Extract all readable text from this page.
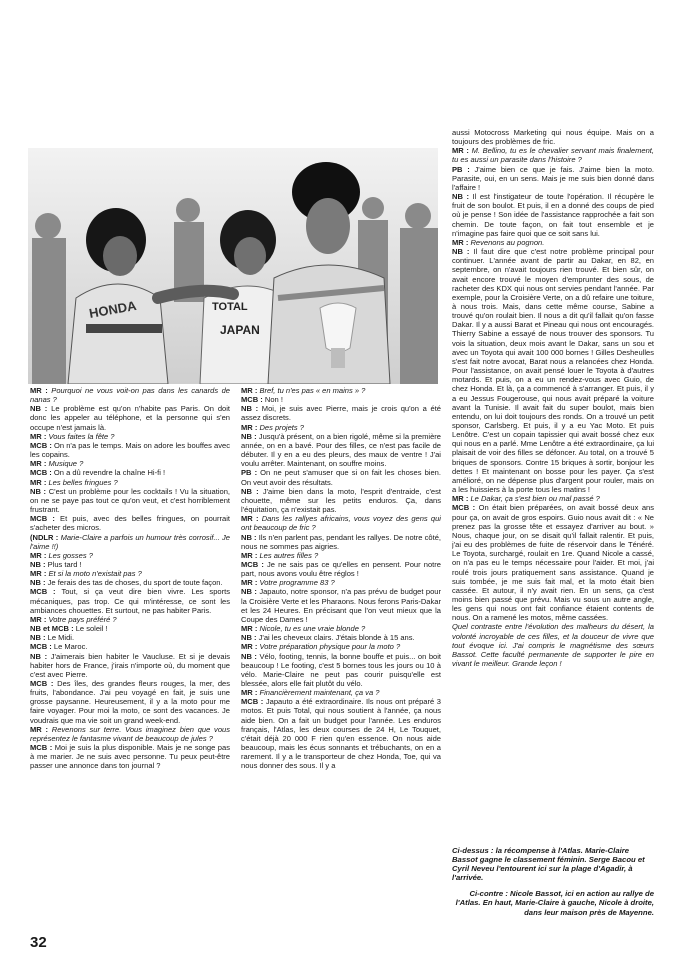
HONDA	TOTAL
JAPAN

MR : Pourquoi ne vous voit-on pas dans les canards de nanas ?

NB : Le problème est qu'on n'habite pas Paris. On doit donc les appeler au téléphone, et la personne qui s'en occupe n'est jamais là.

MR : Vous faites la fête ?

MCB : On n'a pas le temps. Mais on adore les bouffes avec les copains.

MR : Musique ?

MCB : On a dû revendre la chaîne Hi-fi !

MR : Les belles fringues ?

NB : C'est un problème pour les cocktails ! Vu la situation, on ne se paye pas tout ce qu'on veut, et c'est horriblement frustrant.

MCB : Et puis, avec des belles fringues, on pourrait s'acheter des micros.

(NDLR : Marie-Claire a parfois un humour très corrosif... Je l'aime !!)

MR : Les gosses ?

NB : Plus tard !

MR : Et si la moto n'existait pas ?

NB : Je ferais des tas de choses, du sport de toute façon.

MCB : Tout, si ça veut dire bien vivre. Les sports mécaniques, pas trop. Ce qui m'intéresse, ce sont les ambiances chouettes. Et surtout, ne pas habiter Paris.

MR : Votre pays préféré ?

NB et MCB : Le soleil !

NB : Le Midi.

MCB : Le Maroc.

NB : J'aimerais bien habiter le Vaucluse. Et si je devais habiter hors de France, j'irais n'importe où, du moment que c'est avec Pierre.

MCB : Des îles, des grandes fleurs rouges, la mer, des fruits, l'abondance. J'ai peu voyagé en fait, je suis une grosse paysanne. Heureusement, il y a la moto pour me faire voyager. Pour moi la moto, ce sont des vacances. Je voudrais que ma vie soit un grand week-end.

MR : Revenons sur terre. Vous imaginez bien que vous représentez le fantasme vivant de beaucoup de jules ?

MCB : Moi je suis la plus disponible. Mais je ne songe pas à me marier. Je ne suis avec personne. Tu peux peut-être passer une annonce dans ton journal ?

MR : Bref, tu n'es pas « en mains » ?

MCB : Non !

NB : Moi, je suis avec Pierre, mais je crois qu'on a été assez discrets.

MR : Des projets ?

NB : Jusqu'à présent, on a bien rigolé, même si la première année, on en a bavé. Pour des filles, ce n'est pas facile de débuter. Il y en a eu des pleurs, des maux de ventre ! J'ai voulu arrêter. Maintenant, on souffre moins.

PB : On ne peut s'amuser que si on fait les choses bien. On veut avoir des résultats.

NB : J'aime bien dans la moto, l'esprit d'entraide, c'est chouette, même sur les petits enduros. Ça, dans l'équitation, ça n'existait pas.

MR : Dans les rallyes africains, vous voyez des gens qui ont beaucoup de fric ?

NB : Ils n'en parlent pas, pendant les rallyes. De notre côté, nous ne sommes pas aigries.

MR : Les autres filles ?

MCB : Je ne sais pas ce qu'elles en pensent. Pour notre part, nous avons voulu être réglos !

MR : Votre programme 83 ?

NB : Japauto, notre sponsor, n'a pas prévu de budget pour la Croisière Verte et les Pharaons. Nous ferons Paris-Dakar et les 24 Heures. En précisant que l'on veut mieux que la Coupe des Dames !

MR : Nicole, tu es une vraie blonde ?

NB : J'ai les cheveux clairs. J'étais blonde à 15 ans.

MR : Votre préparation physique pour la moto ?

NB : Vélo, footing, tennis, la bonne bouffe et puis... on boit beaucoup ! Le footing, c'est 5 bornes tous les jours ou 10 à vélo. Marie-Claire ne peut pas courir puisqu'elle est blessée, alors elle fait plutôt du vélo.

MR : Financièrement maintenant, ça va ?

MCB : Japauto a été extraordinaire. Ils nous ont préparé 3 motos. Et puis Total, qui nous soutient à l'année, ça nous aide bien. On a fait un budget pour l'année. Les enduros français, l'Atlas, les deux courses de 24 H, Le Touquet, c'était déjà 20 000 F rien qu'en essence. On nous aide beaucoup, mais les écus sonnants et trébuchants, on en a rarement. Il y a le transporteur de chez Honda, Toe, qui va nous donner des sous. Il y a

aussi Motocross Marketing qui nous équipe. Mais on a toujours des problèmes de fric.

MR : M. Bellino, tu es le chevalier servant mais finalement, tu es aussi un parasite dans l'histoire ?

PB : J'aime bien ce que je fais. J'aime bien la moto. Parasite, oui, en un sens. Mais je me suis bien donné dans l'affaire !

NB : Il est l'instigateur de toute l'opération. Il récupère le fruit de son boulot. Et puis, il en a donné des coups de pied où je pense ! Son idée de l'assistance rapprochée a fait son chemin. De toute façon, on fait tout ensemble et je n'imagine pas faire quoi que ce soit sans lui.

MR : Revenons au pognon.

NB : Il faut dire que c'est notre problème principal pour continuer. L'année avant de partir au Dakar, en 82, en septembre, on n'avait toujours rien trouvé. Et bien sûr, on avait encore trouvé le moyen d'emprunter des sous, de racheter des KDX qui nous ont servies pendant l'année. Par exemple, pour la Croisière Verte, on a dû refaire une toiture, à nous trois. Mais, dans cette même course, Sabine a trouvé qu'on roulait bien. Il nous a dit qu'il fallait qu'on fasse Dakar. Il y a aussi Barat et Pineau qui nous ont encouragés. Thierry Sabine a essayé de nous trouver des sponsors. Tu vois la situation, deux mois avant le Dakar, sans un sou et avec un Toyota qui avait 100 000 bornes ! Gilles Desheulles s'est fait notre avocat, Barat nous a relancées chez Honda. Pour l'assistance, on avait pensé louer le Toyota à d'autres motards. Et puis, on a eu un rendez-vous avec Guio, de chez Honda. Et là, ça a commencé à s'arranger. Et puis, il y a eu Jessus Fougerouse, qui nous avait préparé la voiture avant la Tunisie. Il avait fait du super boulot, mais bien entendu, on lui doit toujours des ronds. On a trouvé un petit sponsor, Carlsberg. Et puis, il y a eu Yac Moto. Et puis Lenôtre. C'est un copain tapissier qui avait bossé chez eux qui nous en a parlé. Mme Lenôtre a été extraordinaire, ça lui plaisait de voir des filles se défoncer. Au total, on a trouvé 5 briques de sponsors. Contre 15 briques à sortir, bonjour les dettes ! Et maintenant on bosse pour les payer. Ça s'est amélioré, on ne dépense plus d'argent pour rouler, mais on a les huissiers à la porte tous les matins !

MR : Le Dakar, ça s'est bien ou mal passé ?

MCB : On était bien préparées, on avait bossé deux ans pour ça, on avait de gros espoirs. Guio nous avait dit : « Ne prenez pas la grosse tête et essayez d'arriver au bout. » Nous, chaque jour, on se disait qu'il fallait ralentir. Et puis, j'ai eu des problèmes de fuite de réservoir dans le Ténéré. Le Toyota, surchargé, roulait en 1re. Quand Nicole a cassé, on n'a pas eu le temps nécessaire pour l'aider. Et moi, j'ai roulé trois jours pratiquement sans assistance. Quand je suis tombée, je me suis fait mal, et la moto était bien cassée. Et autour, il n'y avait rien. En un sens, ça c'est moins bien passé que prévu. Mais vu sous un autre angle, les gens qui nous ont fait confiance étaient contents de nous. On a ramené les motos, même cassées.

Quel contraste entre l'évolution des malheurs du désert, la volonté incroyable de ces filles, et la douceur de vivre que tout évoque ici. J'ai compris le magnétisme des sœurs Bassot. Cette faculté permanente de supporter le pire en vivant le meilleur. Grande leçon !

Ci-dessus : la récompense à l'Atlas. Marie-Claire Bassot gagne le classement féminin. Serge Bacou et Cyril Neveu l'entourent ici sur la plage d'Agadir, à l'arrivée.

Ci-contre : Nicole Bassot, ici en action au rallye de l'Atlas. En haut, Marie-Claire à gauche, Nicole à droite, dans leur maison près de Mayenne.

32
